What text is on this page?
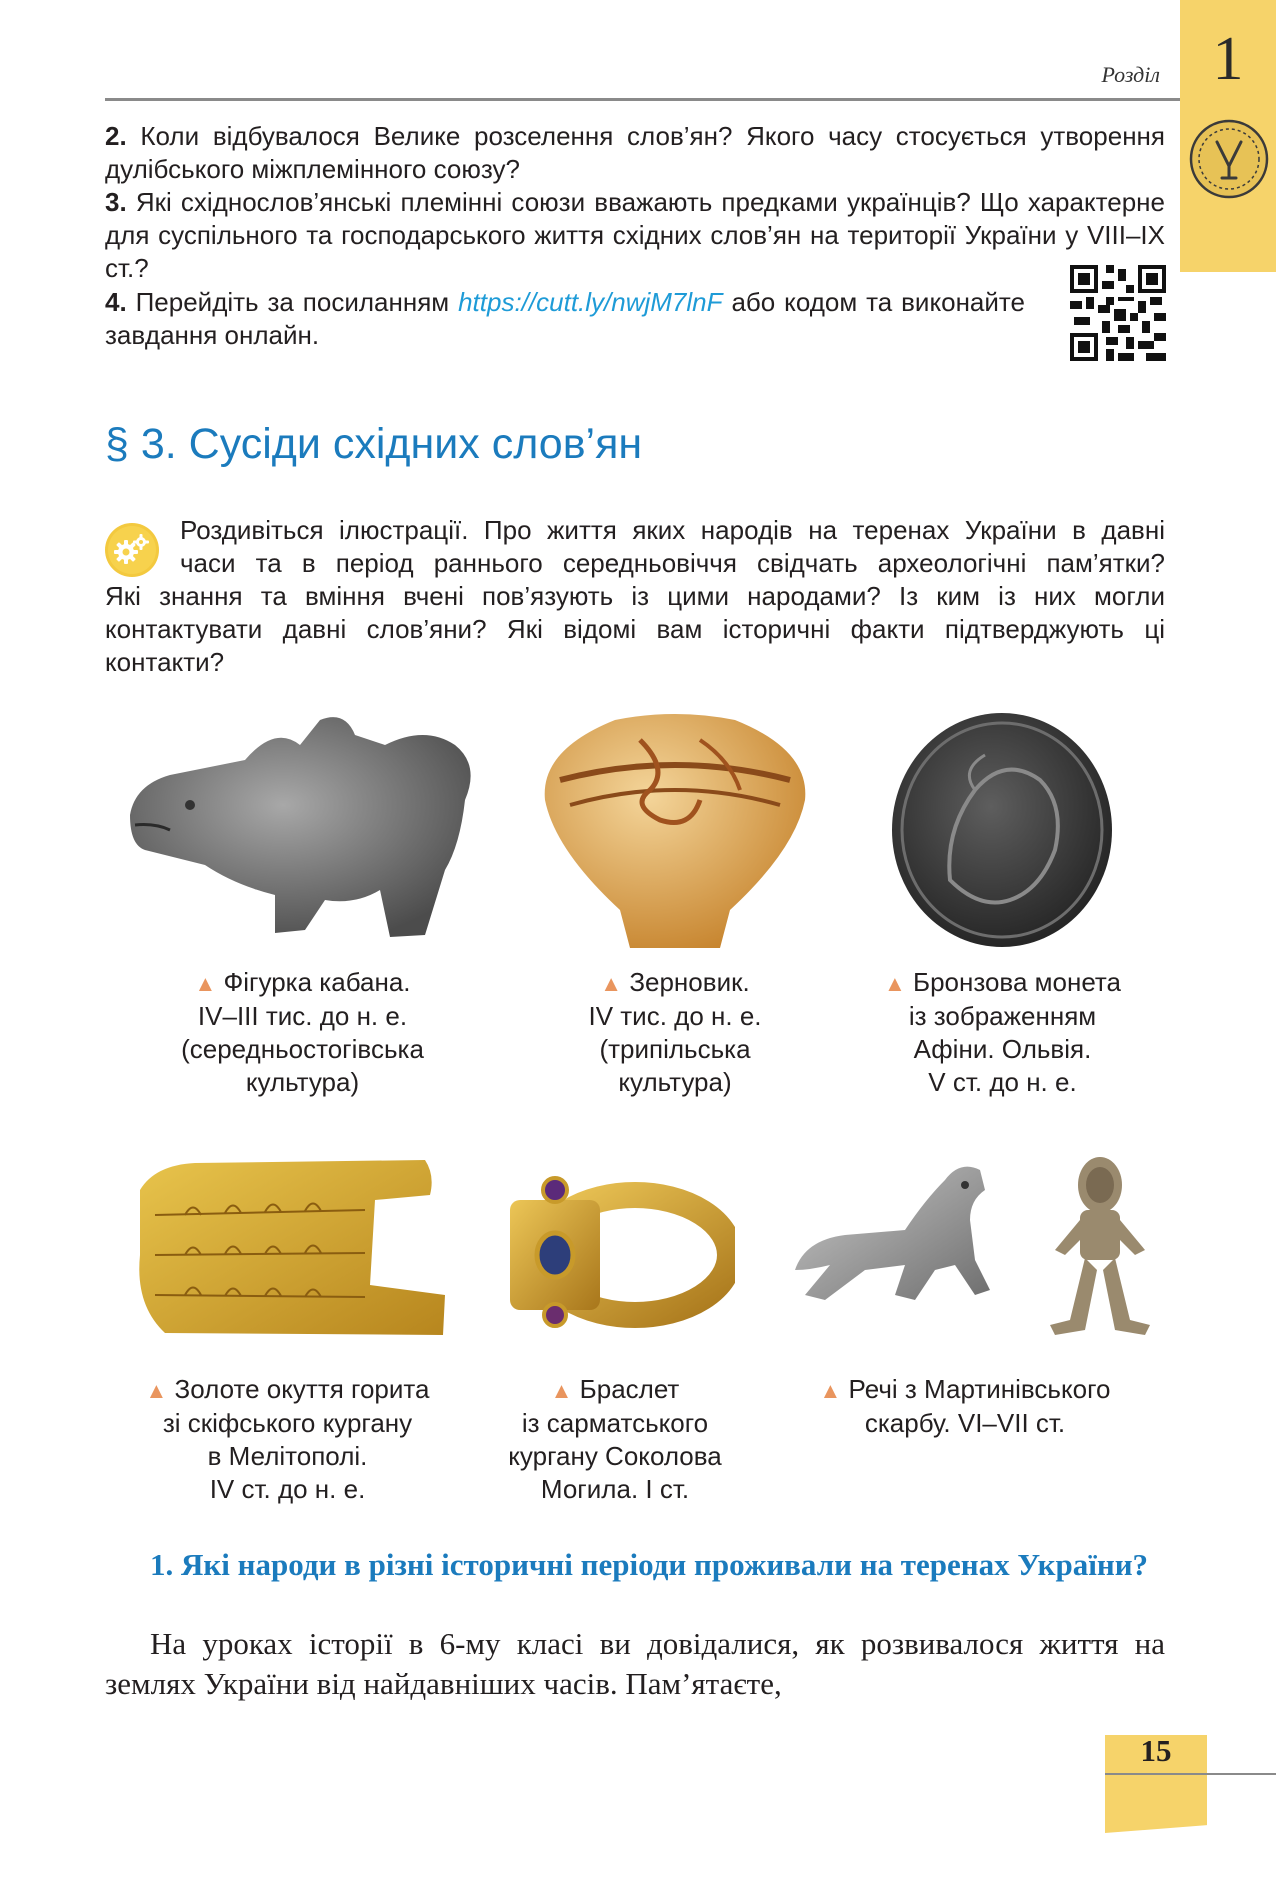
1
Розділ
2. Коли відбувалося Велике розселення слов’ян? Якого часу стосується утворення дулібського міжплемінного союзу?
3. Які східнослов’янські племінні союзи вважають предками українців? Що характерне для суспільного та господарського життя східних слов’ян на території України у VIII–IX ст.?
4. Перейдіть за посиланням https://cutt.ly/nwjM7lnF або кодом та виконайте завдання онлайн.
§ 3. Сусіди східних слов’ян
Роздивіться ілюстрації. Про життя яких народів на теренах України в давні
часи та в період раннього середньовіччя свідчать археологічні пам’ятки?
Які знання та вміння вчені пов’язують із цими народами? Із ким із них могли контактувати давні слов’яни? Які відомі вам історичні факти підтверджують ці контакти?
▲ Фігурка кабана.
IV–III тис. до н. е.
(середньостогівська
культура)
▲ Зерновик.
IV тис. до н. е.
(трипільська
культура)
▲ Бронзова монета
із зображенням
Афіни. Ольвія.
V ст. до н. е.
▲ Золоте окуття горита
зі скіфського кургану
в Мелітополі.
IV ст. до н. е.
▲ Браслет
із сарматського
кургану Соколова
Могила. I ст.
▲ Речі з Мартинівського
скарбу. VI–VII ст.
1. Які народи в різні історичні періоди проживали на теренах України?
На уроках історії в 6-му класі ви довідалися, як розвивалося життя на землях України від найдавніших часів. Пам’ятаєте,
15
